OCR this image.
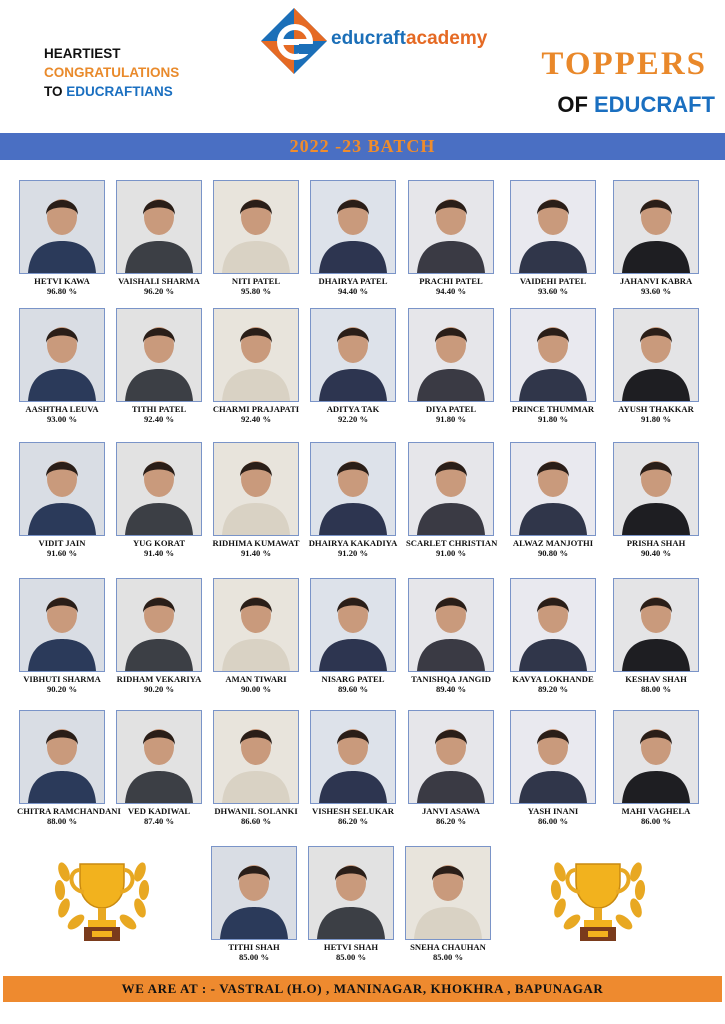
HEARTIEST
CONGRATULATIONS
TO EDUCRAFTIANS
educraftacademy
TOPPERS
OF EDUCRAFT
2022 -23 BATCH
HETVI KAWA
96.80 %
VAISHALI SHARMA
96.20 %
NITI PATEL
95.80 %
DHAIRYA PATEL
94.40 %
PRACHI PATEL
94.40 %
VAIDEHI PATEL
93.60 %
JAHANVI KABRA
93.60 %
AASHTHA LEUVA
93.00 %
TITHI PATEL
92.40 %
CHARMI PRAJAPATI
92.40 %
ADITYA TAK
92.20 %
DIYA PATEL
91.80 %
PRINCE THUMMAR
91.80 %
AYUSH THAKKAR
91.80 %
VIDIT JAIN
91.60 %
YUG KORAT
91.40 %
RIDHIMA KUMAWAT
91.40 %
DHAIRYA KAKADIYA
91.20 %
SCARLET CHRISTIAN
91.00 %
ALWAZ MANJOTHI
90.80 %
PRISHA SHAH
90.40 %
VIBHUTI SHARMA
90.20 %
RIDHAM VEKARIYA
90.20 %
AMAN TIWARI
90.00 %
NISARG PATEL
89.60 %
TANISHQA JANGID
89.40 %
KAVYA LOKHANDE
89.20 %
KESHAV SHAH
88.00 %
CHITRA RAMCHANDANI
88.00 %
VED KADIWAL
87.40 %
DHWANIL SOLANKI
86.60 %
VISHESH SELUKAR
86.20 %
JANVI ASAWA
86.20 %
YASH INANI
86.00 %
MAHI VAGHELA
86.00 %
TITHI SHAH
85.00 %
HETVI SHAH
85.00 %
SNEHA CHAUHAN
85.00 %
WE ARE AT : - VASTRAL (H.O) , MANINAGAR, KHOKHRA , BAPUNAGAR
